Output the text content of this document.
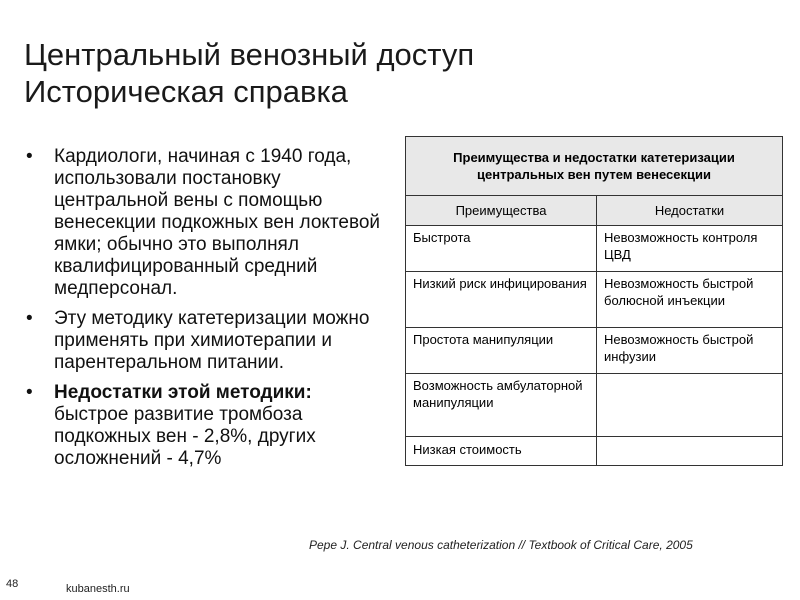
Центральный венозный доступ
Историческая справка
• Кардиологи, начиная с 1940 года, использовали постановку центральной вены с помощью венесекции подкожных вен локтевой ямки; обычно это выполнял квалифицированный средний медперсонал.
• Эту методику катетеризации можно применять при химиотерапии и парентеральном питании.
• Недостатки этой методики: быстрое развитие тромбоза подкожных вен - 2,8%, других осложнений - 4,7%
Преимущества и недостатки катетеризации центральных вен путем венесекции	
Преимущества	Недостатки
Быстрота	Невозможность контроля ЦВД
Низкий риск инфицирования	Невозможность быстрой болюсной инъекции
Простота манипуляции	Невозможность быстрой инфузии
Возможность амбулаторной манипуляции	
Низкая стоимость	
Pepe J. Central venous catheterization // Textbook of Critical Care, 2005
48	kubanesth.ru
